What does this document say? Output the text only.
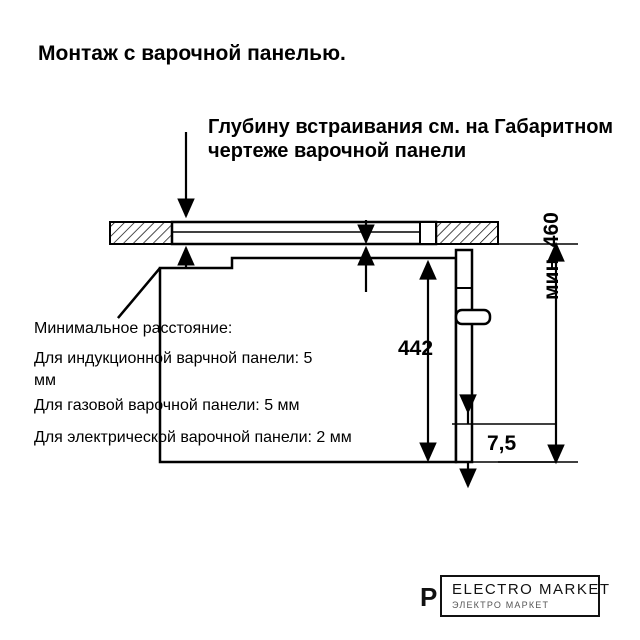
Монтаж с варочной панелью.
Глубину встраивания см. на Габаритном чертеже варочной панели
Минимальное расстояние:
Для индукционной варчной панели: 5 мм
Для газовой варочной панели: 5 мм
Для электрической варочной панели: 2 мм
442
7,5
мин. 460
P ELECTRO MARKET
ЭЛЕКТРО МАРКЕТ
